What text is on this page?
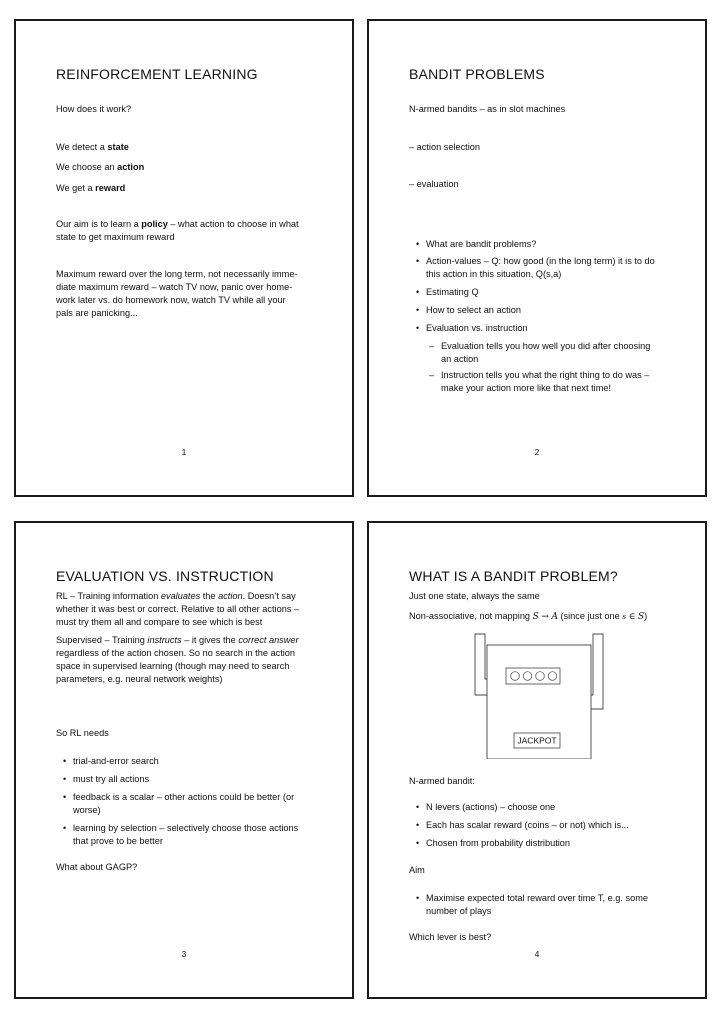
REINFORCEMENT LEARNING
How does it work?
We detect a state
We choose an action
We get a reward
Our aim is to learn a policy – what action to choose in what
state to get maximum reward
Maximum reward over the long term, not necessarily imme-
diate maximum reward – watch TV now, panic over home-
work later vs. do homework now, watch TV while all your
pals are panicking...
1
BANDIT PROBLEMS
N-armed bandits – as in slot machines
– action selection
– evaluation
• What are bandit problems?
• Action-values – Q: how good (in the long term) it is to do
this action in this situation, Q(s,a)
• Estimating Q
• How to select an action
• Evaluation vs. instruction
– Evaluation tells you how well you did after choosing
an action
– Instruction tells you what the right thing to do was –
make your action more like that next time!
2
EVALUATION VS. INSTRUCTION
RL – Training information evaluates the action. Doesn’t say
whether it was best or correct. Relative to all other actions –
must try them all and compare to see which is best
Supervised – Training instructs – it gives the correct answer
regardless of the action chosen. So no search in the action
space in supervised learning (though may need to search
parameters, e.g. neural network weights)
So RL needs
• trial-and-error search
• must try all actions
• feedback is a scalar – other actions could be better (or
worse)
• learning by selection – selectively choose those actions
that prove to be better
What about GAGP?
3
WHAT IS A BANDIT PROBLEM?
Just one state, always the same
Non-associative, not mapping S → A (since just one s ∈ S)
JACKPOT
N-armed bandit:
• N levers (actions) – choose one
• Each has scalar reward (coins – or not) which is...
• Chosen from probability distribution
Aim
• Maximise expected total reward over time T, e.g. some
number of plays
Which lever is best?
4
